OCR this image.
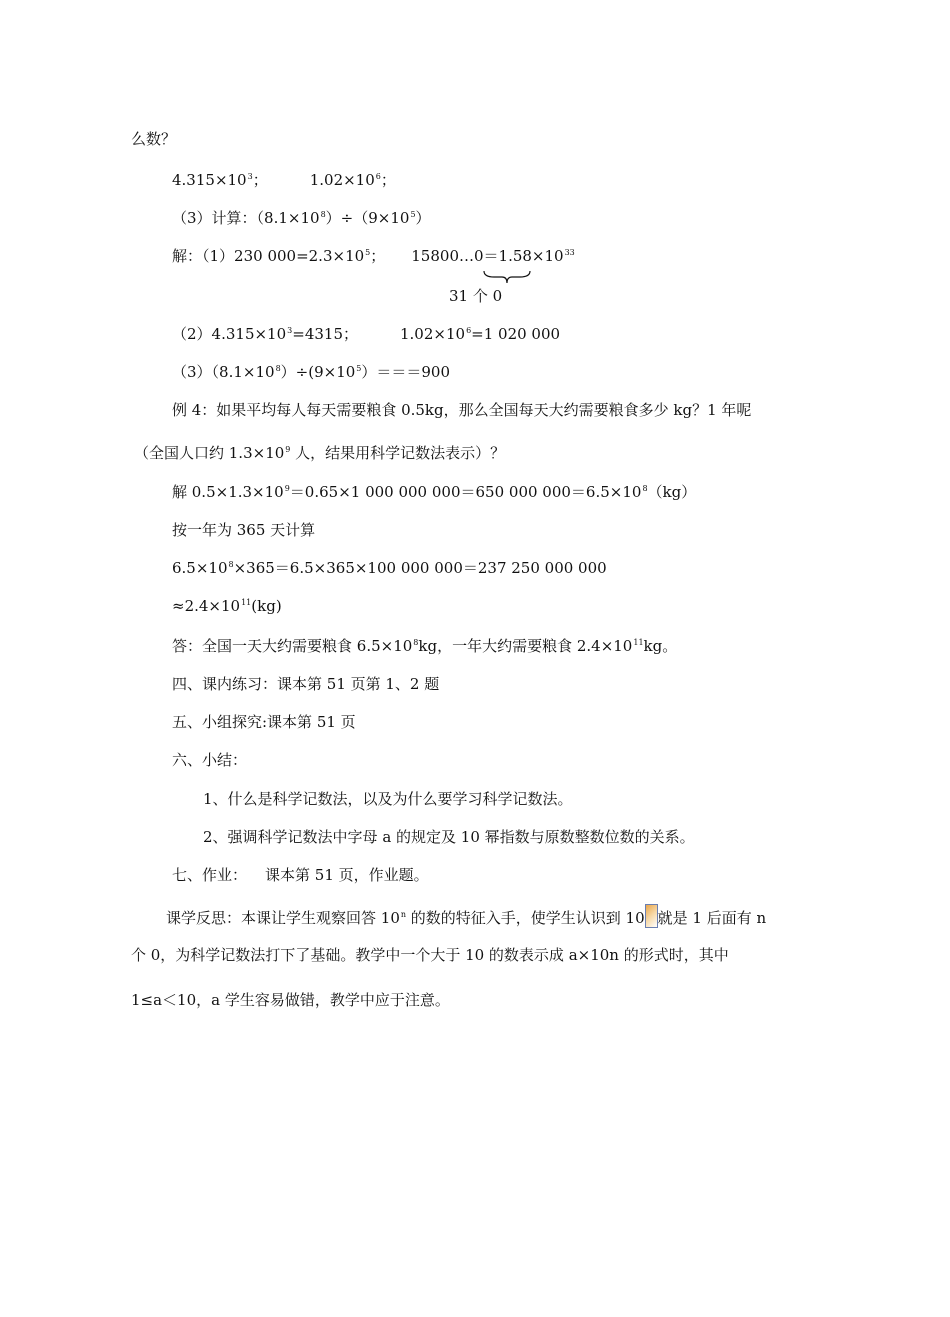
么数？
$4.315\times 10^3$；	$1.02\times 10^6$；
（3）计算：$(8.1\times 10^8)\div(9\times 10^5)$
解：（1）230 $000=2.3\times 10^5$； $15800\dots 0=1.58\times 10^{33}$
31 个 0
$(2)4.315\times 10^3=4315$；	$1.02\times 10^6=1$ 020 000
$(3)(8.1\times 10^8)\div(9\times 10^5)===900$
例 4：如果平均每人每天需要粮食 0.5kg，那么全国每天大约需要粮食多少 kg？1 年呢
（全国人口约 $1.3\times 10^9$ 人，结果用科学记数法表示）？
解 $0.5\times 1.3\times 10^9=0.65\times 1$ 000 000 000＝650 000 $000=6.5\times 10^8(kg)$
按一年为 365 天计算
$6.5\times 10^8\times 365=6.5\times 365\times 100$ 000 000＝237 250 000 000
$\approx 2.4\times 10^{11}(kg)$
答：全国一天大约需要粮食 $6.5\times 10^8kg$，一年大约需要粮食 $2.4\times 10^{11}kg$。
四、课内练习：课本第 51 页第 1、2 题
五、小组探究:课本第 51 页
六、小结：
1、什么是科学记数法，以及为什么要学习科学记数法。
2、强调科学记数法中字母 a 的规定及 10 幂指数与原数整数位数的关系。
七、作业： 课本第 51 页，作业题。
课学反思：本课让学生观察回答 10$^n$ 的数的特征入手，使学生认识到 10 就是 1 后面有 n
个 0，为科学记数法打下了基础。教学中一个大于 10 的数表示成 a×10n 的形式时，其中
1≤a＜10，a 学生容易做错，教学中应于注意。
